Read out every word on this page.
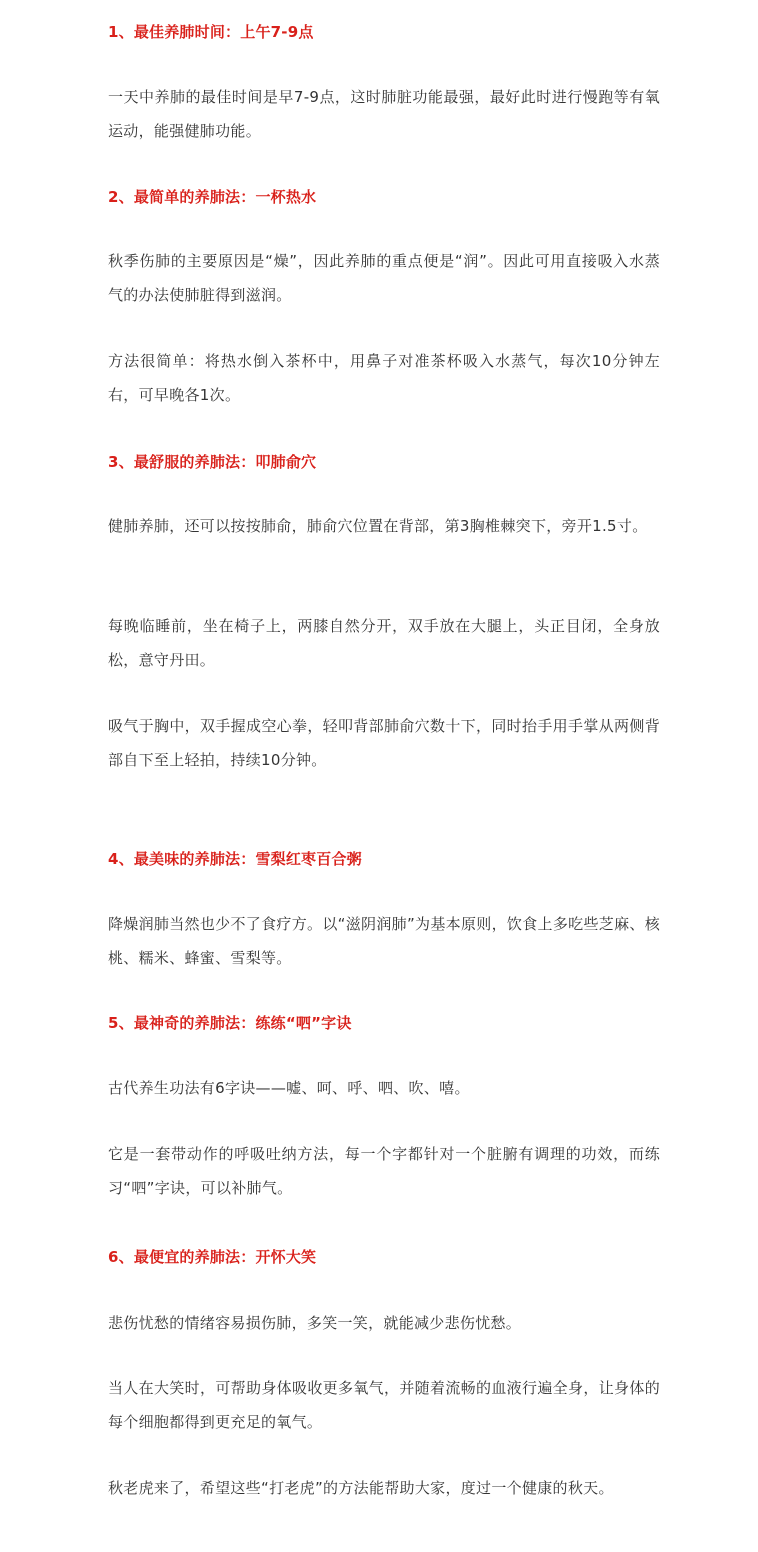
1、最佳养肺时间：上午7-9点

一天中养肺的最佳时间是早7-9点，这时肺脏功能最强，最好此时进行慢跑等有氧运动，能强健肺功能。

2、最简单的养肺法：一杯热水

秋季伤肺的主要原因是“燥”，因此养肺的重点便是“润”。因此可用直接吸入水蒸气的办法使肺脏得到滋润。

方法很简单：将热水倒入茶杯中，用鼻子对准茶杯吸入水蒸气，每次10分钟左右，可早晚各1次。

3、最舒服的养肺法：叩肺俞穴

健肺养肺，还可以按按肺俞，肺俞穴位置在背部，第3胸椎棘突下，旁开1.5寸。

每晚临睡前，坐在椅子上，两膝自然分开，双手放在大腿上，头正目闭，全身放松，意守丹田。

吸气于胸中，双手握成空心拳，轻叩背部肺俞穴数十下，同时抬手用手掌从两侧背部自下至上轻拍，持续10分钟。

4、最美味的养肺法：雪梨红枣百合粥

降燥润肺当然也少不了食疗方。以“滋阴润肺”为基本原则，饮食上多吃些芝麻、核桃、糯米、蜂蜜、雪梨等。

5、最神奇的养肺法：练练“呬”字诀

古代养生功法有6字诀——嘘、呵、呼、呬、吹、嘻。

它是一套带动作的呼吸吐纳方法，每一个字都针对一个脏腑有调理的功效，而练习“呬”字诀，可以补肺气。

6、最便宜的养肺法：开怀大笑

悲伤忧愁的情绪容易损伤肺，多笑一笑，就能减少悲伤忧愁。

当人在大笑时，可帮助身体吸收更多氧气，并随着流畅的血液行遍全身，让身体的每个细胞都得到更充足的氧气。

秋老虎来了，希望这些“打老虎”的方法能帮助大家，度过一个健康的秋天。
